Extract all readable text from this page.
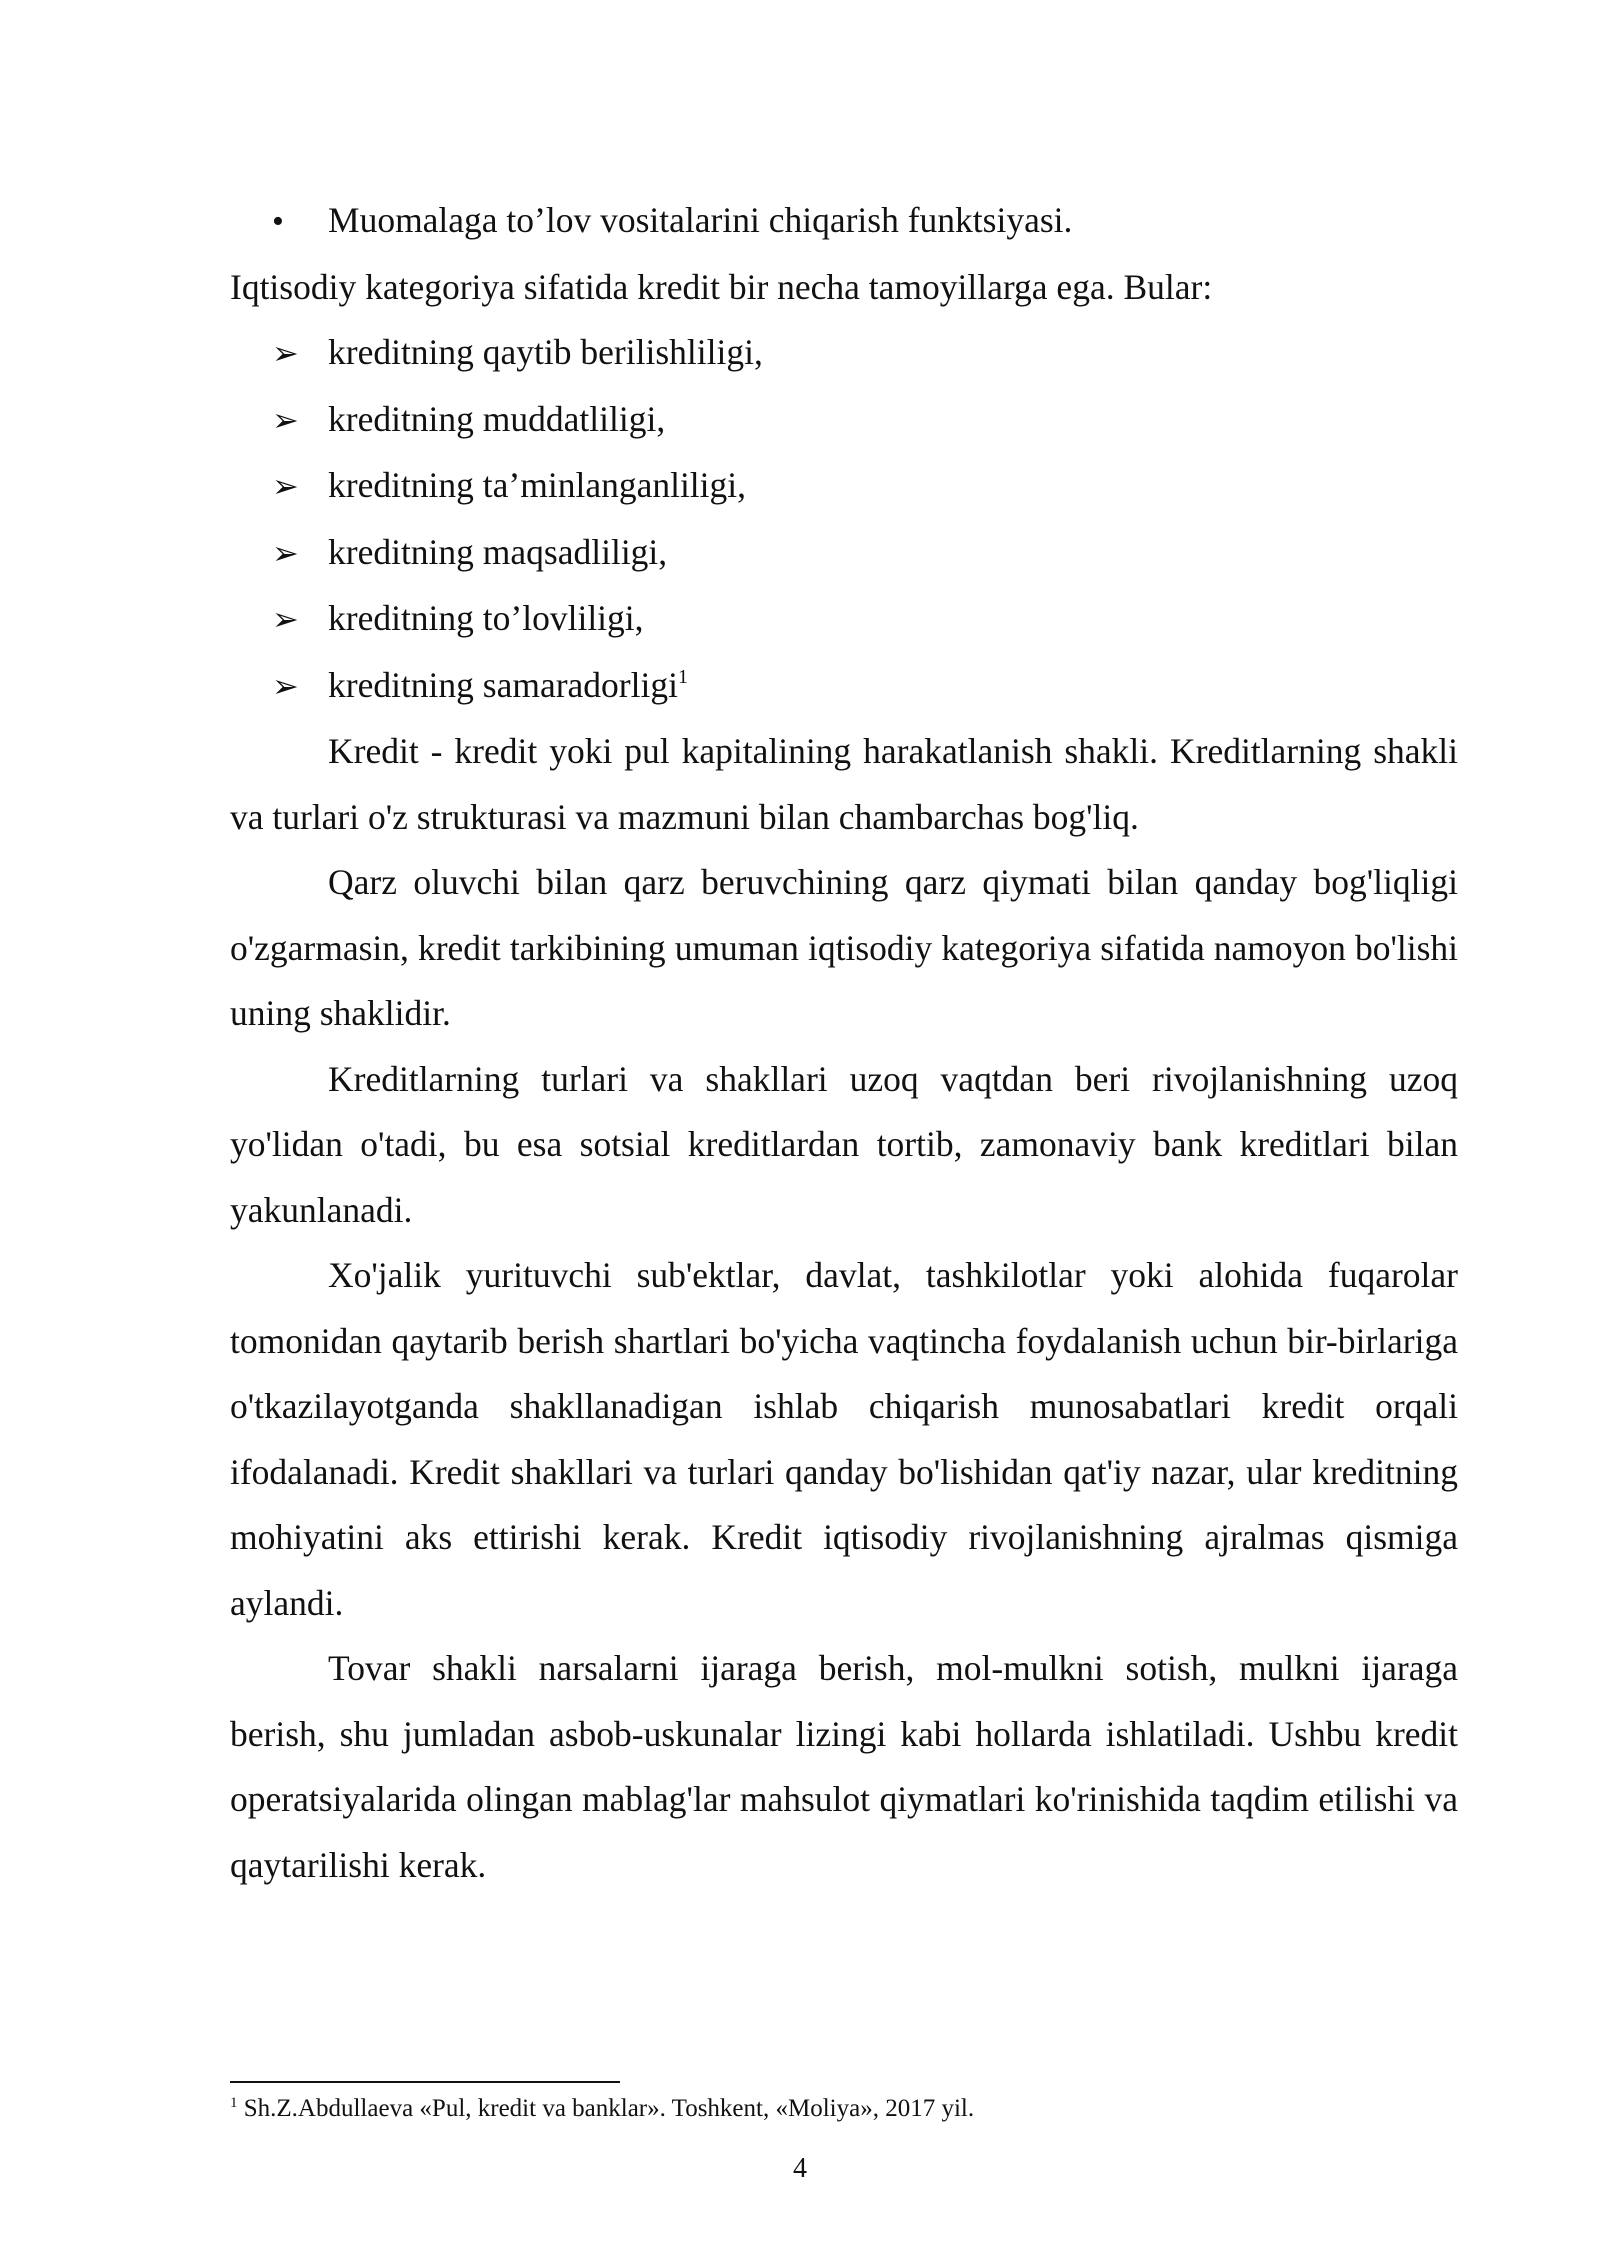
•	Muomalaga to’lov vositalarini chiqarish funktsiyasi.

Iqtisodiy kategoriya sifatida kredit bir necha tamoyillarga ega. Bular:

➢ kreditning qaytib berilishliligi,

➢ kreditning muddatliligi,

➢ kreditning ta’minlanganliligi,

➢ kreditning maqsadliligi,

➢ kreditning to’lovliligi,

➢ kreditning samaradorligi$^1$

Kredit - kredit yoki pul kapitalining harakatlanish shakli. Kreditlarning shakli va turlari o'z strukturasi va mazmuni bilan chambarchas bog'liq.

Qarz oluvchi bilan qarz beruvchining qarz qiymati bilan qanday bog'liqligi o'zgarmasin, kredit tarkibining umuman iqtisodiy kategoriya sifatida namoyon bo'lishi uning shaklidir.

Kreditlarning turlari va shakllari uzoq vaqtdan beri rivojlanishning uzoq yo'lidan o'tadi, bu esa sotsial kreditlardan tortib, zamonaviy bank kreditlari bilan yakunlanadi.

Xo'jalik yurituvchi sub'ektlar, davlat, tashkilotlar yoki alohida fuqarolar tomonidan qaytarib berish shartlari bo'yicha vaqtincha foydalanish uchun bir-birlariga o'tkazilayotganda shakllanadigan ishlab chiqarish munosabatlari kredit orqali ifodalanadi. Kredit shakllari va turlari qanday bo'lishidan qat'iy nazar, ular kreditning mohiyatini aks ettirishi kerak. Kredit iqtisodiy rivojlanishning ajralmas qismiga aylandi.

Tovar shakli narsalarni ijaraga berish, mol-mulkni sotish, mulkni ijaraga berish, shu jumladan asbob-uskunalar lizingi kabi hollarda ishlatiladi. Ushbu kredit operatsiyalarida olingan mablag'lar mahsulot qiymatlari ko'rinishida taqdim etilishi va qaytarilishi kerak.

$^1$ Sh.Z.Abdullaeva «Pul, kredit va banklar». Toshkent, «Moliya», 2017 yil.
4
